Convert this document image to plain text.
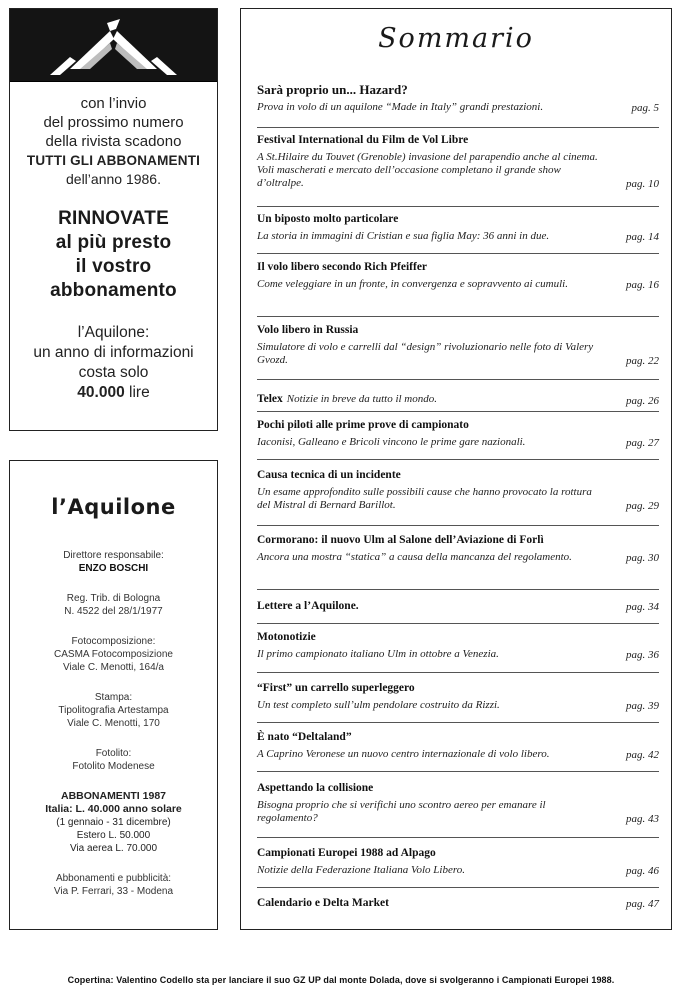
con l’invio
del prossimo numero
della rivista scadono
TUTTI GLI ABBONAMENTI
dell’anno 1986.
RINNOVATE
al più presto
il vostro
abbonamento
l’Aquilone:
un anno di informazioni
costa solo
40.000 lire
l’Aquilone
Direttore responsabile:
ENZO BOSCHI
Reg. Trib. di Bologna
N. 4522 del 28/1/1977
Fotocomposizione:
CASMA Fotocomposizione
Viale C. Menotti, 164/a
Stampa:
Tipolitografia Artestampa
Viale C. Menotti, 170
Fotolito:
Fotolito Modenese
ABBONAMENTI 1987
Italia: L. 40.000 anno solare
(1 gennaio - 31 dicembre)
Estero L. 50.000
Via aerea L. 70.000
Abbonamenti e pubblicità:
Via P. Ferrari, 33 - Modena
Sommario
Sarà proprio un... Hazard?
Prova in volo di un aquilone “Made in Italy” grandi prestazioni.	pag. 5
Festival International du Film de Vol Libre
A St.Hilaire du Touvet (Grenoble) invasione del parapendio anche al cinema. Voli mascherati e mercato dell’occasione completano il grande show d’oltralpe.	pag. 10
Un biposto molto particolare
La storia in immagini di Cristian e sua figlia May: 36 anni in due.	pag. 14
Il volo libero secondo Rich Pfeiffer
Come veleggiare in un fronte, in convergenza e sopravvento ai cumuli.	pag. 16
Volo libero in Russia
Simulatore di volo e carrelli dal “design” rivoluzionario nelle foto di Valery Gvozd.	pag. 22
Telex Notizie in breve da tutto il mondo.	pag. 26
Pochi piloti alle prime prove di campionato
Iaconisi, Galleano e Bricoli vincono le prime gare nazionali.	pag. 27
Causa tecnica di un incidente
Un esame approfondito sulle possibili cause che hanno provocato la rottura del Mistral di Bernard Barillot.	pag. 29
Cormorano: il nuovo Ulm al Salone dell’Aviazione di Forlì
Ancora una mostra “statica” a causa della mancanza del regolamento.	pag. 30
Lettere a l’Aquilone.	pag. 34
Motonotizie
Il primo campionato italiano Ulm in ottobre a Venezia.	pag. 36
“First” un carrello superleggero
Un test completo sull’ulm pendolare costruito da Rizzi.	pag. 39
È nato “Deltaland”
A Caprino Veronese un nuovo centro internazionale di volo libero.	pag. 42
Aspettando la collisione
Bisogna proprio che si verifichi uno scontro aereo per emanare il regolamento?	pag. 43
Campionati Europei 1988 ad Alpago
Notizie della Federazione Italiana Volo Libero.	pag. 46
Calendario e Delta Market	pag. 47
Copertina: Valentino Codello sta per lanciare il suo GZ UP dal monte Dolada, dove si svolgeranno i Campionati Europei 1988.
